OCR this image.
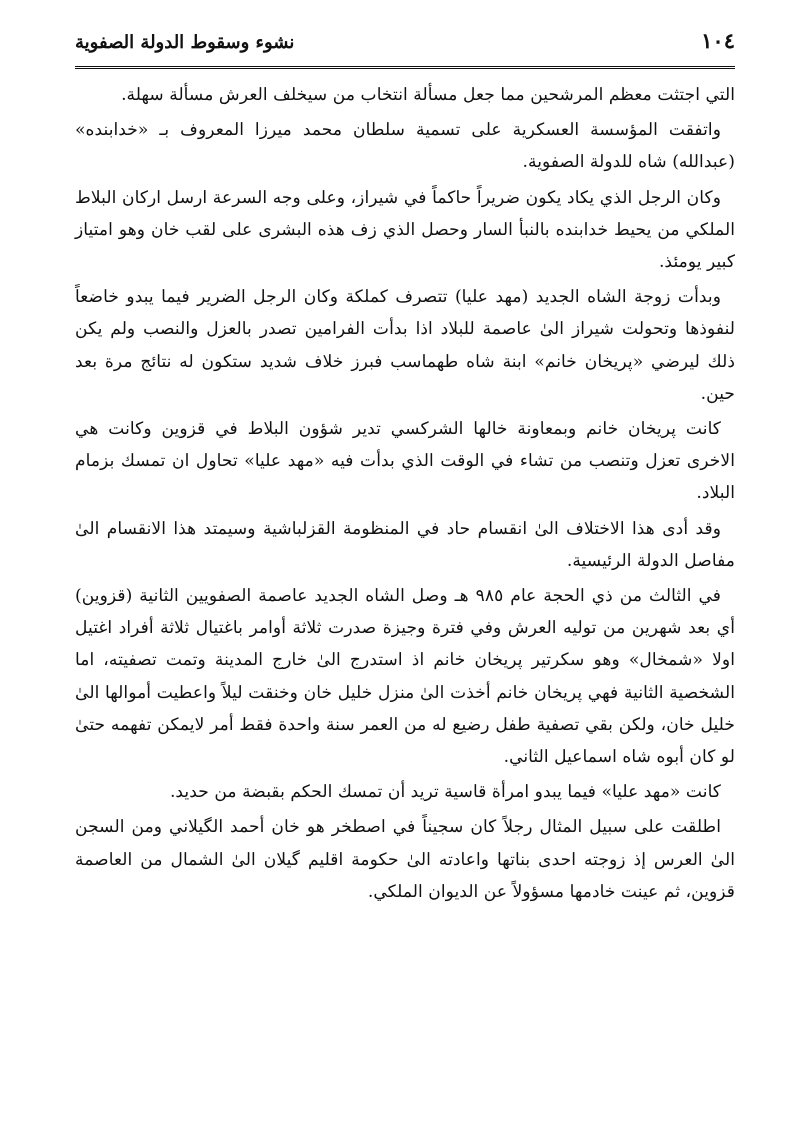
١٠٤
نشوء وسقوط الدولة الصفوية

التي اجتثت معظم المرشحين مما جعل مسألة انتخاب من سيخلف العرش مسألة سهلة.

واتفقت المؤسسة العسكرية على تسمية سلطان محمد ميرزا المعروف بـ «خدابنده» (عبدالله) شاه للدولة الصفوية.

وكان الرجل الذي يكاد يكون ضريراً حاكماً في شيراز، وعلى وجه السرعة ارسل اركان البلاط الملكي من يحيط خدابنده بالنبأ السار وحصل الذي زف هذه البشرى على لقب خان وهو امتياز كبير يومئذ.

وبدأت زوجة الشاه الجديد (مهد عليا) تتصرف كملكة وكان الرجل الضرير فيما يبدو خاضعاً لنفوذها وتحولت شيراز الىٰ عاصمة للبلاد اذا بدأت الفرامين تصدر بالعزل والنصب ولم يكن ذلك ليرضي «پريخان خانم» ابنة شاه طهماسب فبرز خلاف شديد ستكون له نتائج مرة بعد حين.

كانت پريخان خانم وبمعاونة خالها الشركسي تدير شؤون البلاط في قزوين وكانت هي الاخرى تعزل وتنصب من تشاء في الوقت الذي بدأت فيه «مهد عليا» تحاول ان تمسك بزمام البلاد.

وقد أدى هذا الاختلاف الىٰ انقسام حاد في المنظومة القزلباشية وسيمتد هذا الانقسام الىٰ مفاصل الدولة الرئيسية.

في الثالث من ذي الحجة عام ٩٨٥ هـ وصل الشاه الجديد عاصمة الصفويين الثانية (قزوين) أي بعد شهرين من توليه العرش وفي فترة وجيزة صدرت ثلاثة أوامر باغتيال ثلاثة أفراد اغتيل اولا «شمخال» وهو سكرتير پريخان خانم اذ استدرج الىٰ خارج المدينة وتمت تصفيته، اما الشخصية الثانية فهي پريخان خانم أخذت الىٰ منزل خليل خان وخنقت ليلاً واعطيت أموالها الىٰ خليل خان، ولكن بقي تصفية طفل رضيع له من العمر سنة واحدة فقط أمر لايمكن تفهمه حتىٰ لو كان أبوه شاه اسماعيل الثاني.

كانت «مهد عليا» فيما يبدو امرأة قاسية تريد أن تمسك الحكم بقبضة من حديد.

اطلقت على سبيل المثال رجلاً كان سجيناً في اصطخر هو خان أحمد الگيلاني ومن السجن الىٰ العرس إذ زوجته احدى بناتها واعادته الىٰ حكومة اقليم گيلان الىٰ الشمال من العاصمة قزوين، ثم عينت خادمها مسؤولاً عن الديوان الملكي.
